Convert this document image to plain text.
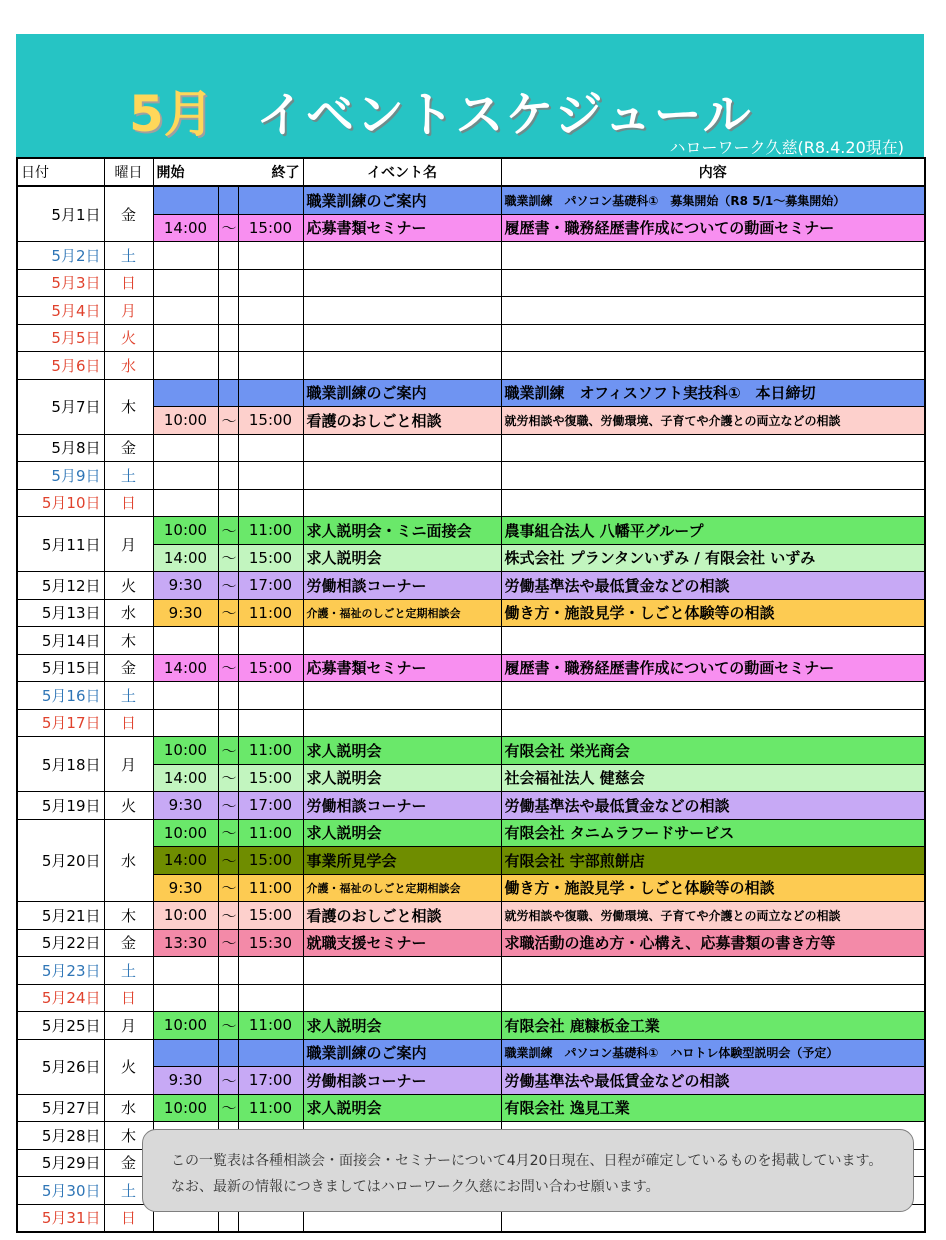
5月 イベントスケジュール
ハローワーク久慈(R8.4.20現在)
日付	曜日	開始		終了	イベント名	内容
5月1日	金				職業訓練のご案内	職業訓練　パソコン基礎科①　募集開始（R8 5/1～募集開始）
		14:00	～	15:00	応募書類セミナー	履歴書・職務経歴書作成についての動画セミナー
5月2日	土					
5月3日	日					
5月4日	月					
5月5日	火					
5月6日	水					
5月7日	木				職業訓練のご案内	職業訓練　オフィスソフト実技科①　本日締切
		10:00	～	15:00	看護のおしごと相談	就労相談や復職、労働環境、子育てや介護との両立などの相談
5月8日	金					
5月9日	土					
5月10日	日					
5月11日	月	10:00	～	11:00	求人説明会・ミニ面接会	農事組合法人 八幡平グループ
		14:00	～	15:00	求人説明会	株式会社 プランタンいずみ / 有限会社 いずみ
5月12日	火	9:30	～	17:00	労働相談コーナー	労働基準法や最低賃金などの相談
5月13日	水	9:30	～	11:00	介護・福祉のしごと定期相談会	働き方・施設見学・しごと体験等の相談
5月14日	木					
5月15日	金	14:00	～	15:00	応募書類セミナー	履歴書・職務経歴書作成についての動画セミナー
5月16日	土					
5月17日	日					
5月18日	月	10:00	～	11:00	求人説明会	有限会社 栄光商会
		14:00	～	15:00	求人説明会	社会福祉法人 健慈会
5月19日	火	9:30	～	17:00	労働相談コーナー	労働基準法や最低賃金などの相談
5月20日	水	10:00	～	11:00	求人説明会	有限会社 タニムラフードサービス
		14:00	～	15:00	事業所見学会	有限会社 宇部煎餅店
		9:30	～	11:00	介護・福祉のしごと定期相談会	働き方・施設見学・しごと体験等の相談
5月21日	木	10:00	～	15:00	看護のおしごと相談	就労相談や復職、労働環境、子育てや介護との両立などの相談
5月22日	金	13:30	～	15:30	就職支援セミナー	求職活動の進め方・心構え、応募書類の書き方等
5月23日	土					
5月24日	日					
5月25日	月	10:00	～	11:00	求人説明会	有限会社 鹿糠板金工業
5月26日	火				職業訓練のご案内	職業訓練　パソコン基礎科①　ハロトレ体験型説明会（予定）
		9:30	～	17:00	労働相談コーナー	労働基準法や最低賃金などの相談
5月27日	水	10:00	～	11:00	求人説明会	有限会社 逸見工業
5月28日	木					
5月29日	金					
5月30日	土					
5月31日	日					
この一覧表は各種相談会・面接会・セミナーについて4月20日現在、日程が確定しているものを掲載しています。なお、最新の情報につきましてはハローワーク久慈にお問い合わせ願います。
